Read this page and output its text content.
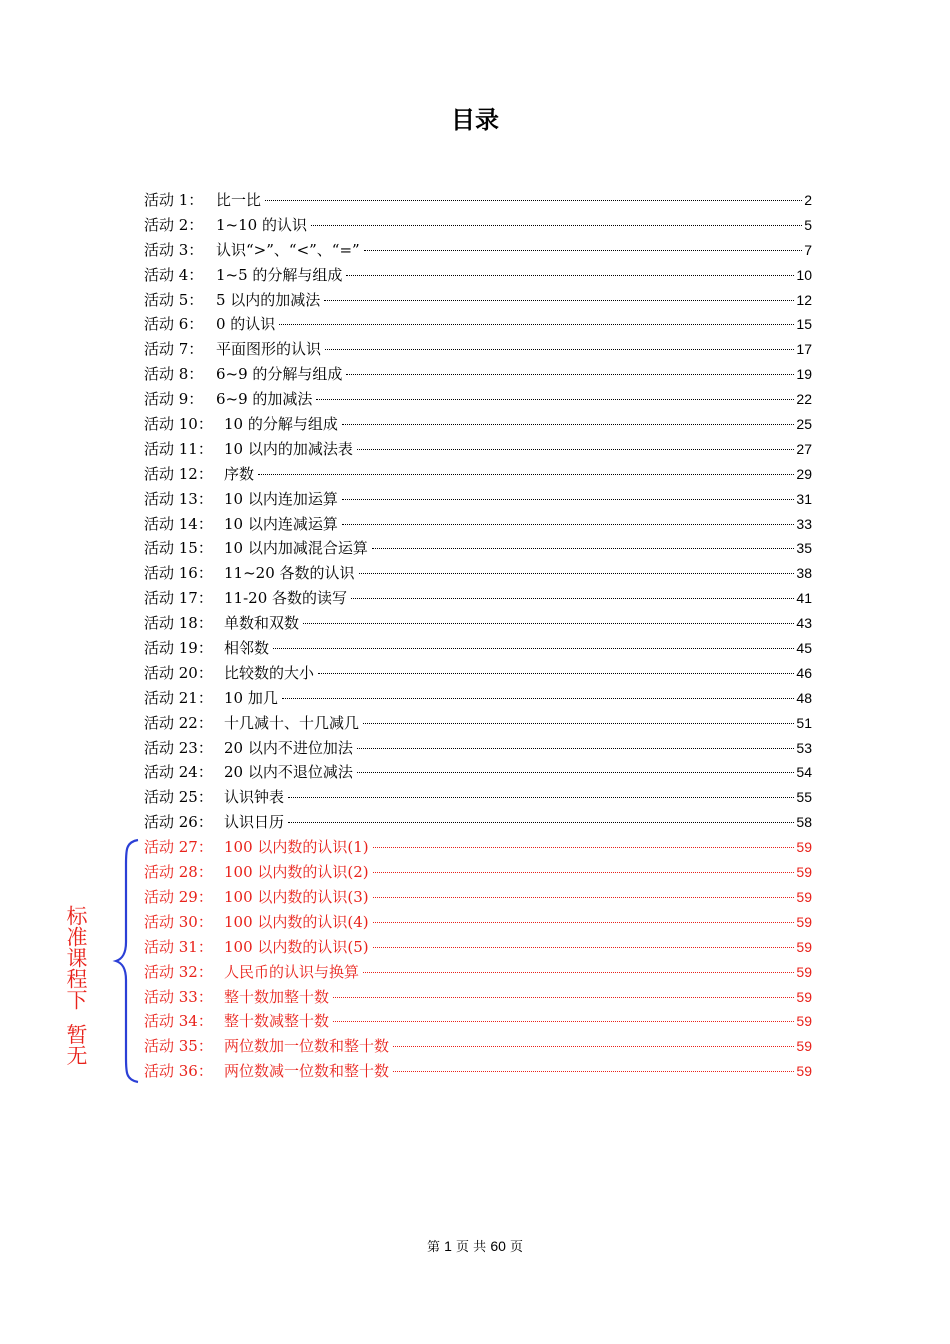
目录
活动 1： 比一比	2
活动 2： 1~10 的认识	5
活动 3： 认识“>”、“<”、“=”	7
活动 4： 1~5 的分解与组成	10
活动 5： 5 以内的加减法	12
活动 6： 0 的认识	15
活动 7： 平面图形的认识	17
活动 8： 6~9 的分解与组成	19
活动 9： 6~9 的加减法	22
活动 10： 10 的分解与组成	25
活动 11： 10 以内的加减法表	27
活动 12： 序数	29
活动 13： 10 以内连加运算	31
活动 14： 10 以内连减运算	33
活动 15： 10 以内加减混合运算	35
活动 16： 11~20 各数的认识	38
活动 17： 11-20 各数的读写	41
活动 18： 单数和双数	43
活动 19： 相邻数	45
活动 20： 比较数的大小	46
活动 21： 10 加几	48
活动 22： 十几减十、十几减几	51
活动 23： 20 以内不进位加法	53
活动 24： 20 以内不退位减法	54
活动 25： 认识钟表	55
活动 26： 认识日历	58
活动 27： 100 以内数的认识(1)	59
活动 28： 100 以内数的认识(2)	59
活动 29： 100 以内数的认识(3)	59
活动 30： 100 以内数的认识(4)	59
活动 31： 100 以内数的认识(5)	59
活动 32： 人民币的认识与换算	59
活动 33： 整十数加整十数	59
活动 34： 整十数减整十数	59
活动 35： 两位数加一位数和整十数	59
活动 36： 两位数减一位数和整十数	59
标准课程下  暂无
第 1 页 共 60 页
